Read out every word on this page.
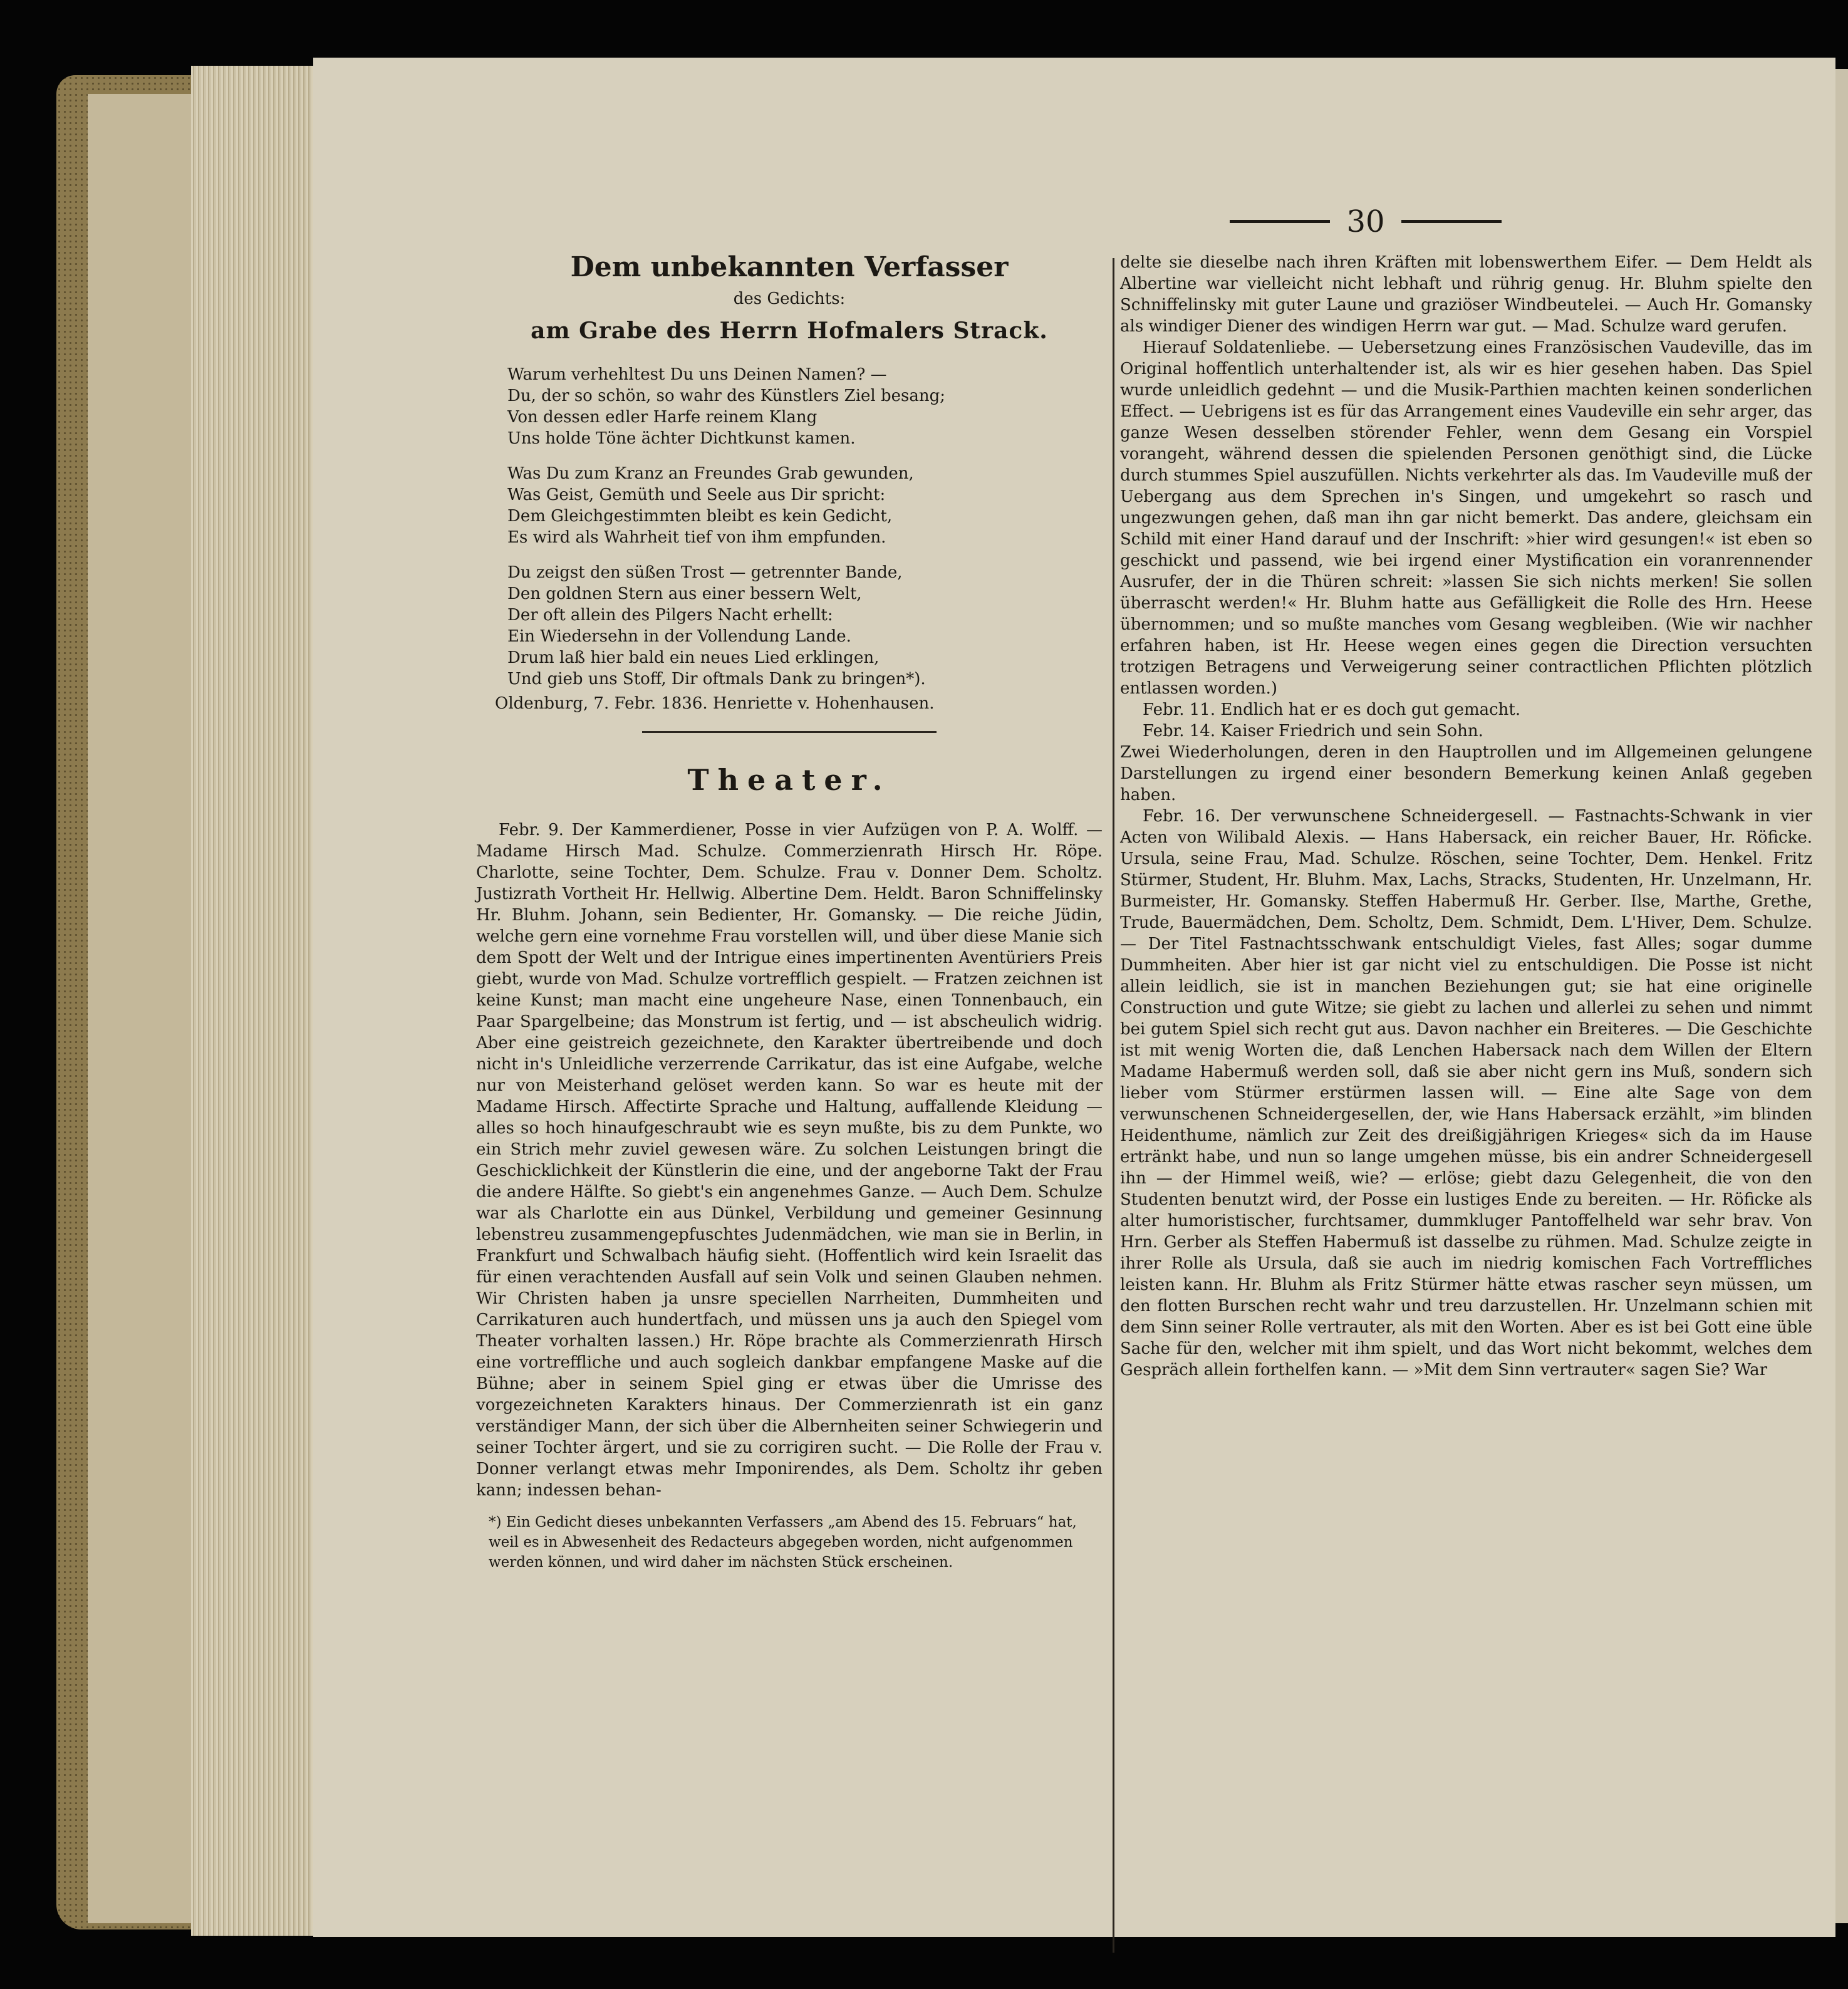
30
Dem unbekannten Verfasser

des Gedichts:

am Grabe des Herrn Hofmalers Strack.

Warum verhehltest Du uns Deinen Namen? —
Du, der so schön, so wahr des Künstlers Ziel besang;
Von dessen edler Harfe reinem Klang
Uns holde Töne ächter Dichtkunst kamen.
Was Du zum Kranz an Freundes Grab gewunden,
Was Geist, Gemüth und Seele aus Dir spricht:
Dem Gleichgestimmten bleibt es kein Gedicht,
Es wird als Wahrheit tief von ihm empfunden.
Du zeigst den süßen Trost — getrennter Bande,
Den goldnen Stern aus einer bessern Welt,
Der oft allein des Pilgers Nacht erhellt:
Ein Wiedersehn in der Vollendung Lande.
Drum laß hier bald ein neues Lied erklingen,
Und gieb uns Stoff, Dir oftmals Dank zu bringen*).
Oldenburg, 7. Febr. 1836. Henriette v. Hohenhausen.
Theater.

Febr. 9. Der Kammerdiener, Posse in vier Aufzügen von P. A. Wolff. — Madame Hirsch Mad. Schulze. Commerzienrath Hirsch Hr. Röpe. Charlotte, seine Tochter, Dem. Schulze. Frau v. Donner Dem. Scholtz. Justizrath Vortheit Hr. Hellwig. Albertine Dem. Heldt. Baron Schniffelinsky Hr. Bluhm. Johann, sein Bedienter, Hr. Gomansky. — Die reiche Jüdin, welche gern eine vornehme Frau vorstellen will, und über diese Manie sich dem Spott der Welt und der Intrigue eines impertinenten Aventüriers Preis giebt, wurde von Mad. Schulze vortrefflich gespielt. — Fratzen zeichnen ist keine Kunst; man macht eine ungeheure Nase, einen Tonnenbauch, ein Paar Spargelbeine; das Monstrum ist fertig, und — ist abscheulich widrig. Aber eine geistreich gezeichnete, den Karakter übertreibende und doch nicht in's Unleidliche verzerrende Carrikatur, das ist eine Aufgabe, welche nur von Meisterhand gelöset werden kann. So war es heute mit der Madame Hirsch. Affectirte Sprache und Haltung, auffallende Kleidung — alles so hoch hinaufgeschraubt wie es seyn mußte, bis zu dem Punkte, wo ein Strich mehr zuviel gewesen wäre. Zu solchen Leistungen bringt die Geschicklichkeit der Künstlerin die eine, und der angeborne Takt der Frau die andere Hälfte. So giebt's ein angenehmes Ganze. — Auch Dem. Schulze war als Charlotte ein aus Dünkel, Verbildung und gemeiner Gesinnung lebenstreu zusammengepfuschtes Judenmädchen, wie man sie in Berlin, in Frankfurt und Schwalbach häufig sieht. (Hoffentlich wird kein Israelit das für einen verachtenden Ausfall auf sein Volk und seinen Glauben nehmen. Wir Christen haben ja unsre speciellen Narrheiten, Dummheiten und Carrikaturen auch hundertfach, und müssen uns ja auch den Spiegel vom Theater vorhalten lassen.) Hr. Röpe brachte als Commerzienrath Hirsch eine vortreffliche und auch sogleich dankbar empfangene Maske auf die Bühne; aber in seinem Spiel ging er etwas über die Umrisse des vorgezeichneten Karakters hinaus. Der Commerzienrath ist ein ganz verständiger Mann, der sich über die Albernheiten seiner Schwiegerin und seiner Tochter ärgert, und sie zu corrigiren sucht. — Die Rolle der Frau v. Donner verlangt etwas mehr Imponirendes, als Dem. Scholtz ihr geben kann; indessen behan-

*) Ein Gedicht dieses unbekannten Verfassers „am Abend des 15. Februars“ hat, weil es in Abwesenheit des Redacteurs abgegeben worden, nicht aufgenommen werden können, und wird daher im nächsten Stück erscheinen.

delte sie dieselbe nach ihren Kräften mit lobenswerthem Eifer. — Dem Heldt als Albertine war vielleicht nicht lebhaft und rührig genug. Hr. Bluhm spielte den Schniffelinsky mit guter Laune und graziöser Windbeutelei. — Auch Hr. Gomansky als windiger Diener des windigen Herrn war gut. — Mad. Schulze ward gerufen.

Hierauf Soldatenliebe. — Uebersetzung eines Französischen Vaudeville, das im Original hoffentlich unterhaltender ist, als wir es hier gesehen haben. Das Spiel wurde unleidlich gedehnt — und die Musik-Parthien machten keinen sonderlichen Effect. — Uebrigens ist es für das Arrangement eines Vaudeville ein sehr arger, das ganze Wesen desselben störender Fehler, wenn dem Gesang ein Vorspiel vorangeht, während dessen die spielenden Personen genöthigt sind, die Lücke durch stummes Spiel auszufüllen. Nichts verkehrter als das. Im Vaudeville muß der Uebergang aus dem Sprechen in's Singen, und umgekehrt so rasch und ungezwungen gehen, daß man ihn gar nicht bemerkt. Das andere, gleichsam ein Schild mit einer Hand darauf und der Inschrift: »hier wird gesungen!« ist eben so geschickt und passend, wie bei irgend einer Mystification ein voranrennender Ausrufer, der in die Thüren schreit: »lassen Sie sich nichts merken! Sie sollen überrascht werden!« Hr. Bluhm hatte aus Gefälligkeit die Rolle des Hrn. Heese übernommen; und so mußte manches vom Gesang wegbleiben. (Wie wir nachher erfahren haben, ist Hr. Heese wegen eines gegen die Direction versuchten trotzigen Betragens und Verweigerung seiner contractlichen Pflichten plötzlich entlassen worden.)

Febr. 11. Endlich hat er es doch gut gemacht.

Febr. 14. Kaiser Friedrich und sein Sohn.

Zwei Wiederholungen, deren in den Hauptrollen und im Allgemeinen gelungene Darstellungen zu irgend einer besondern Bemerkung keinen Anlaß gegeben haben.

Febr. 16. Der verwunschene Schneidergesell. — Fastnachts-Schwank in vier Acten von Wilibald Alexis. — Hans Habersack, ein reicher Bauer, Hr. Röficke. Ursula, seine Frau, Mad. Schulze. Röschen, seine Tochter, Dem. Henkel. Fritz Stürmer, Student, Hr. Bluhm. Max, Lachs, Stracks, Studenten, Hr. Unzelmann, Hr. Burmeister, Hr. Gomansky. Steffen Habermuß Hr. Gerber. Ilse, Marthe, Grethe, Trude, Bauermädchen, Dem. Scholtz, Dem. Schmidt, Dem. L'Hiver, Dem. Schulze. — Der Titel Fastnachtsschwank entschuldigt Vieles, fast Alles; sogar dumme Dummheiten. Aber hier ist gar nicht viel zu entschuldigen. Die Posse ist nicht allein leidlich, sie ist in manchen Beziehungen gut; sie hat eine originelle Construction und gute Witze; sie giebt zu lachen und allerlei zu sehen und nimmt bei gutem Spiel sich recht gut aus. Davon nachher ein Breiteres. — Die Geschichte ist mit wenig Worten die, daß Lenchen Habersack nach dem Willen der Eltern Madame Habermuß werden soll, daß sie aber nicht gern ins Muß, sondern sich lieber vom Stürmer erstürmen lassen will. — Eine alte Sage von dem verwunschenen Schneidergesellen, der, wie Hans Habersack erzählt, »im blinden Heidenthume, nämlich zur Zeit des dreißigjährigen Krieges« sich da im Hause ertränkt habe, und nun so lange umgehen müsse, bis ein andrer Schneidergesell ihn — der Himmel weiß, wie? — erlöse; giebt dazu Gelegenheit, die von den Studenten benutzt wird, der Posse ein lustiges Ende zu bereiten. — Hr. Röficke als alter humoristischer, furchtsamer, dummkluger Pantoffelheld war sehr brav. Von Hrn. Gerber als Steffen Habermuß ist dasselbe zu rühmen. Mad. Schulze zeigte in ihrer Rolle als Ursula, daß sie auch im niedrig komischen Fach Vortreffliches leisten kann. Hr. Bluhm als Fritz Stürmer hätte etwas rascher seyn müssen, um den flotten Burschen recht wahr und treu darzustellen. Hr. Unzelmann schien mit dem Sinn seiner Rolle vertrauter, als mit den Worten. Aber es ist bei Gott eine üble Sache für den, welcher mit ihm spielt, und das Wort nicht bekommt, welches dem Gespräch allein forthelfen kann. — »Mit dem Sinn vertrauter« sagen Sie? War
